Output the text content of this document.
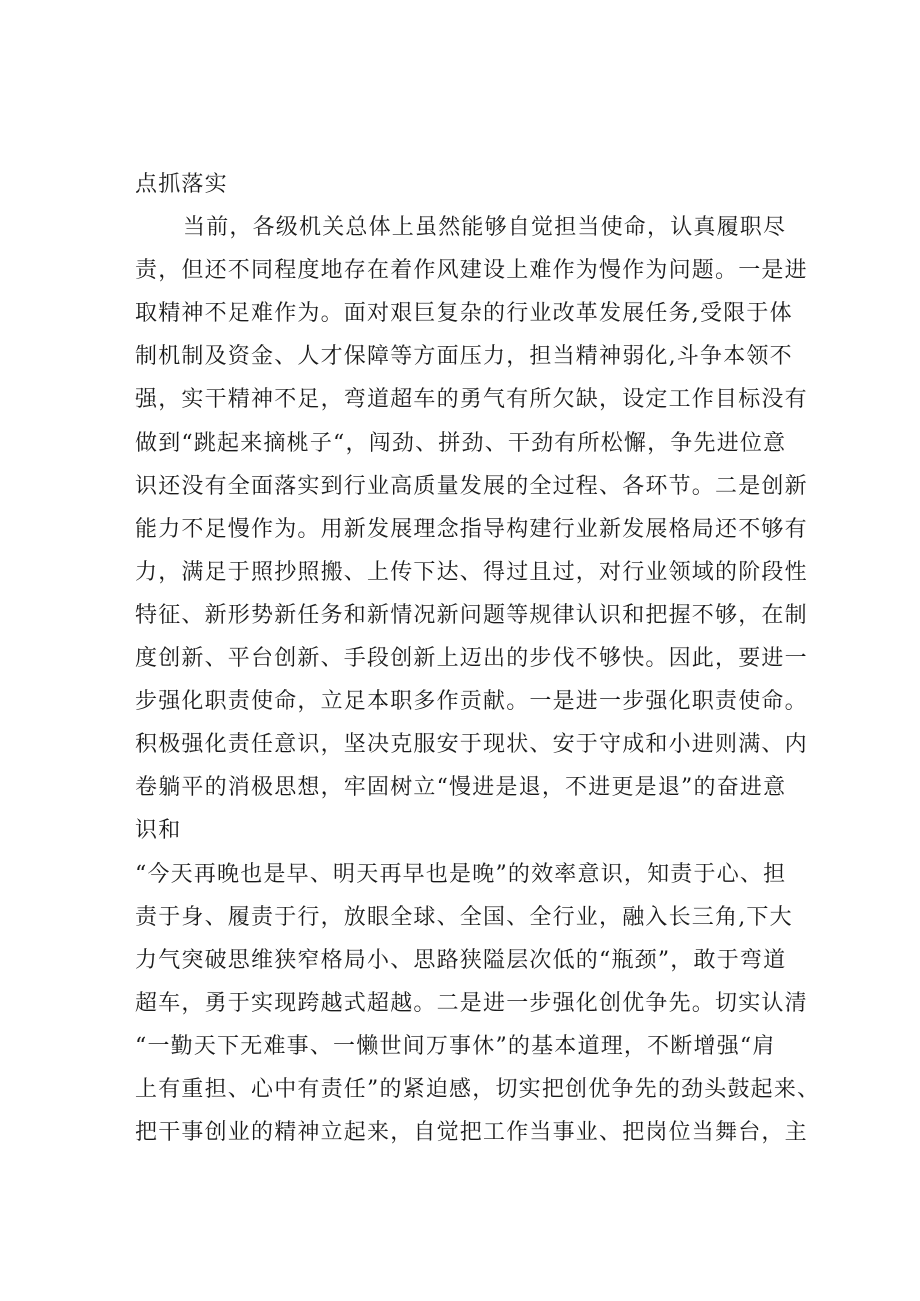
点抓落实
当前，各级机关总体上虽然能够自觉担当使命，认真履职尽
责，但还不同程度地存在着作风建设上难作为慢作为问题。一是进
取精神不足难作为。面对艰巨复杂的行业改革发展任务,受限于体
制机制及资金、人才保障等方面压力，担当精神弱化,斗争本领不
强，实干精神不足，弯道超车的勇气有所欠缺，设定工作目标没有
做到“跳起来摘桃子“，闯劲、拼劲、干劲有所松懈，争先进位意
识还没有全面落实到行业高质量发展的全过程、各环节。二是创新
能力不足慢作为。用新发展理念指导构建行业新发展格局还不够有
力，满足于照抄照搬、上传下达、得过且过，对行业领域的阶段性
特征、新形势新任务和新情况新问题等规律认识和把握不够，在制
度创新、平台创新、手段创新上迈出的步伐不够快。因此，要进一
步强化职责使命，立足本职多作贡献。一是进一步强化职责使命。
积极强化责任意识，坚决克服安于现状、安于守成和小进则满、内
卷躺平的消极思想，牢固树立“慢进是退，不进更是退”的奋进意
识和
“今天再晚也是早、明天再早也是晚”的效率意识，知责于心、担
责于身、履责于行，放眼全球、全国、全行业，融入长三角,下大
力气突破思维狭窄格局小、思路狭隘层次低的“瓶颈”，敢于弯道
超车，勇于实现跨越式超越。二是进一步强化创优争先。切实认清
“一勤天下无难事、一懒世间万事休”的基本道理，不断增强“肩
上有重担、心中有责任”的紧迫感，切实把创优争先的劲头鼓起来、
把干事创业的精神立起来，自觉把工作当事业、把岗位当舞台，主
